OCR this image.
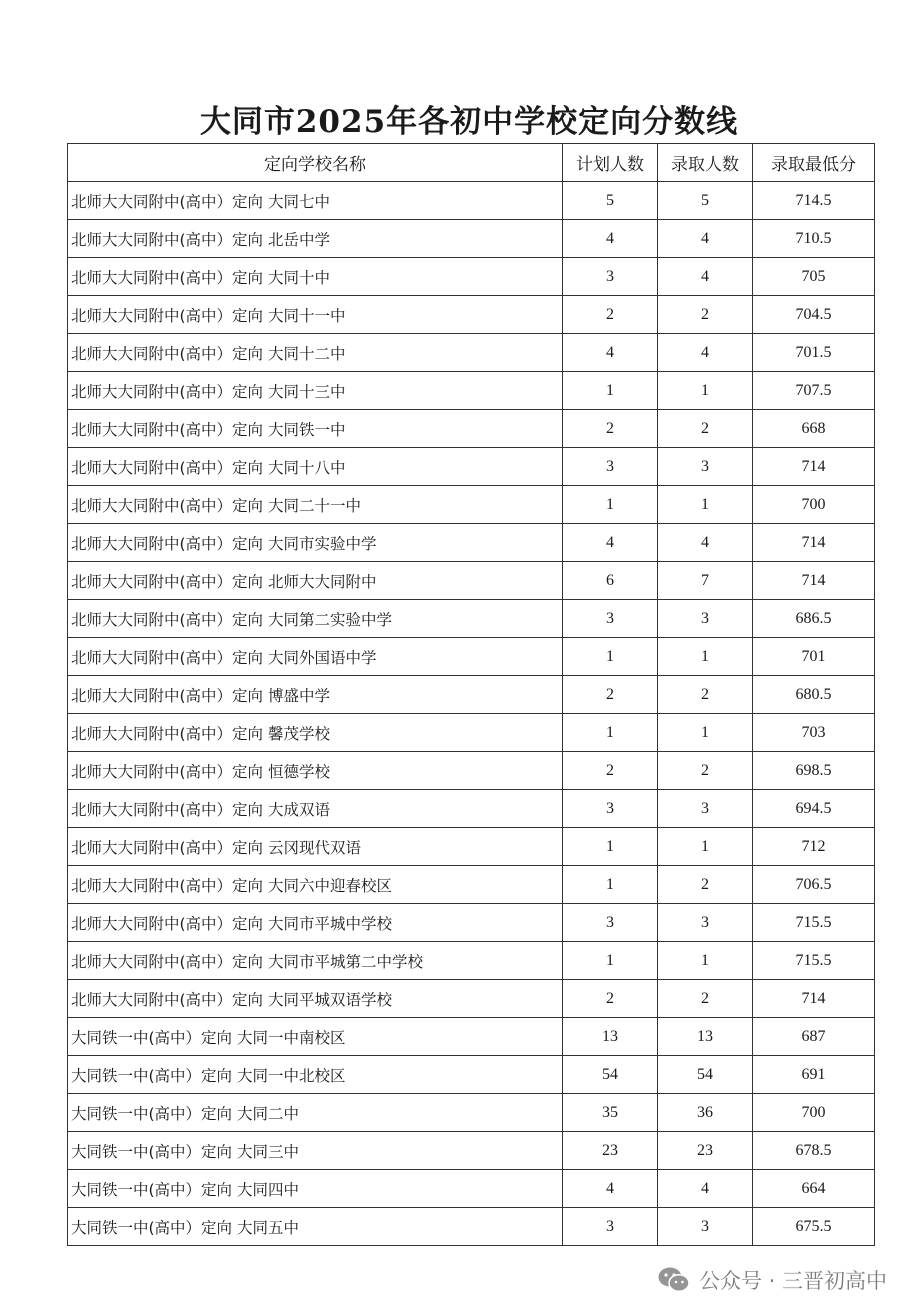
大同市2025年各初中学校定向分数线
定向学校名称	计划人数	录取人数	录取最低分
北师大大同附中(高中）定向 大同七中	5	5	714.5
北师大大同附中(高中）定向 北岳中学	4	4	710.5
北师大大同附中(高中）定向 大同十中	3	4	705
北师大大同附中(高中）定向 大同十一中	2	2	704.5
北师大大同附中(高中）定向 大同十二中	4	4	701.5
北师大大同附中(高中）定向 大同十三中	1	1	707.5
北师大大同附中(高中）定向 大同铁一中	2	2	668
北师大大同附中(高中）定向 大同十八中	3	3	714
北师大大同附中(高中）定向 大同二十一中	1	1	700
北师大大同附中(高中）定向 大同市实验中学	4	4	714
北师大大同附中(高中）定向 北师大大同附中	6	7	714
北师大大同附中(高中）定向 大同第二实验中学	3	3	686.5
北师大大同附中(高中）定向 大同外国语中学	1	1	701
北师大大同附中(高中）定向 博盛中学	2	2	680.5
北师大大同附中(高中）定向 馨茂学校	1	1	703
北师大大同附中(高中）定向 恒德学校	2	2	698.5
北师大大同附中(高中）定向 大成双语	3	3	694.5
北师大大同附中(高中）定向 云冈现代双语	1	1	712
北师大大同附中(高中）定向 大同六中迎春校区	1	2	706.5
北师大大同附中(高中）定向 大同市平城中学校	3	3	715.5
北师大大同附中(高中）定向 大同市平城第二中学校	1	1	715.5
北师大大同附中(高中）定向 大同平城双语学校	2	2	714
大同铁一中(高中）定向 大同一中南校区	13	13	687
大同铁一中(高中）定向 大同一中北校区	54	54	691
大同铁一中(高中）定向 大同二中	35	36	700
大同铁一中(高中）定向 大同三中	23	23	678.5
大同铁一中(高中）定向 大同四中	4	4	664
大同铁一中(高中）定向 大同五中	3	3	675.5
公众号 · 三晋初高中
